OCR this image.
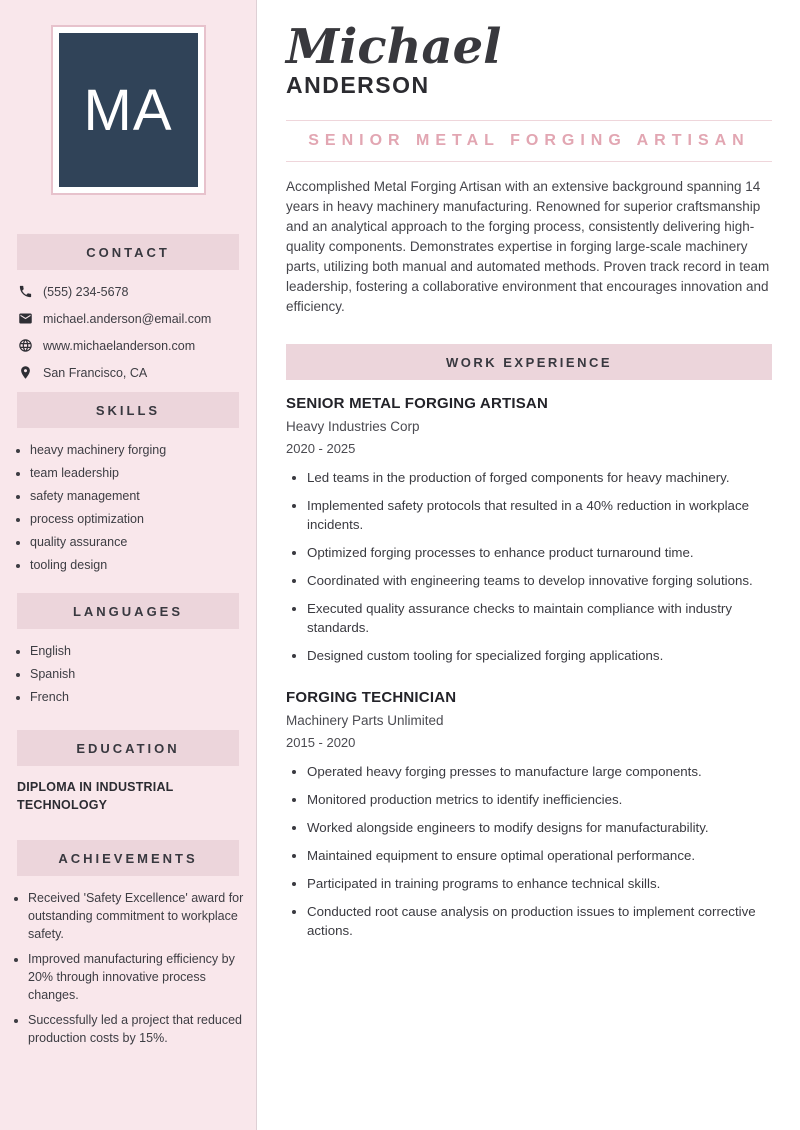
MA
CONTACT
(555) 234-5678
michael.anderson@email.com
www.michaelanderson.com
San Francisco, CA
SKILLS
• heavy machinery forging
• team leadership
• safety management
• process optimization
• quality assurance
• tooling design
LANGUAGES
• English
• Spanish
• French
EDUCATION
DIPLOMA IN INDUSTRIAL TECHNOLOGY
ACHIEVEMENTS
• Received 'Safety Excellence' award for outstanding commitment to workplace safety.
• Improved manufacturing efficiency by 20% through innovative process changes.
• Successfully led a project that reduced production costs by 15%.
Michael
ANDERSON
SENIOR METAL FORGING ARTISAN

Accomplished Metal Forging Artisan with an extensive background spanning 14 years in heavy machinery manufacturing. Renowned for superior craftsmanship and an analytical approach to the forging process, consistently delivering high-quality components. Demonstrates expertise in forging large-scale machinery parts, utilizing both manual and automated methods. Proven track record in team leadership, fostering a collaborative environment that encourages innovation and efficiency.

WORK EXPERIENCE
SENIOR METAL FORGING ARTISAN

Heavy Industries Corp

2020 - 2025

• Led teams in the production of forged components for heavy machinery.
• Implemented safety protocols that resulted in a 40% reduction in workplace incidents.
• Optimized forging processes to enhance product turnaround time.
• Coordinated with engineering teams to develop innovative forging solutions.
• Executed quality assurance checks to maintain compliance with industry standards.
• Designed custom tooling for specialized forging applications.
FORGING TECHNICIAN

Machinery Parts Unlimited

2015 - 2020

• Operated heavy forging presses to manufacture large components.
• Monitored production metrics to identify inefficiencies.
• Worked alongside engineers to modify designs for manufacturability.
• Maintained equipment to ensure optimal operational performance.
• Participated in training programs to enhance technical skills.
• Conducted root cause analysis on production issues to implement corrective actions.
